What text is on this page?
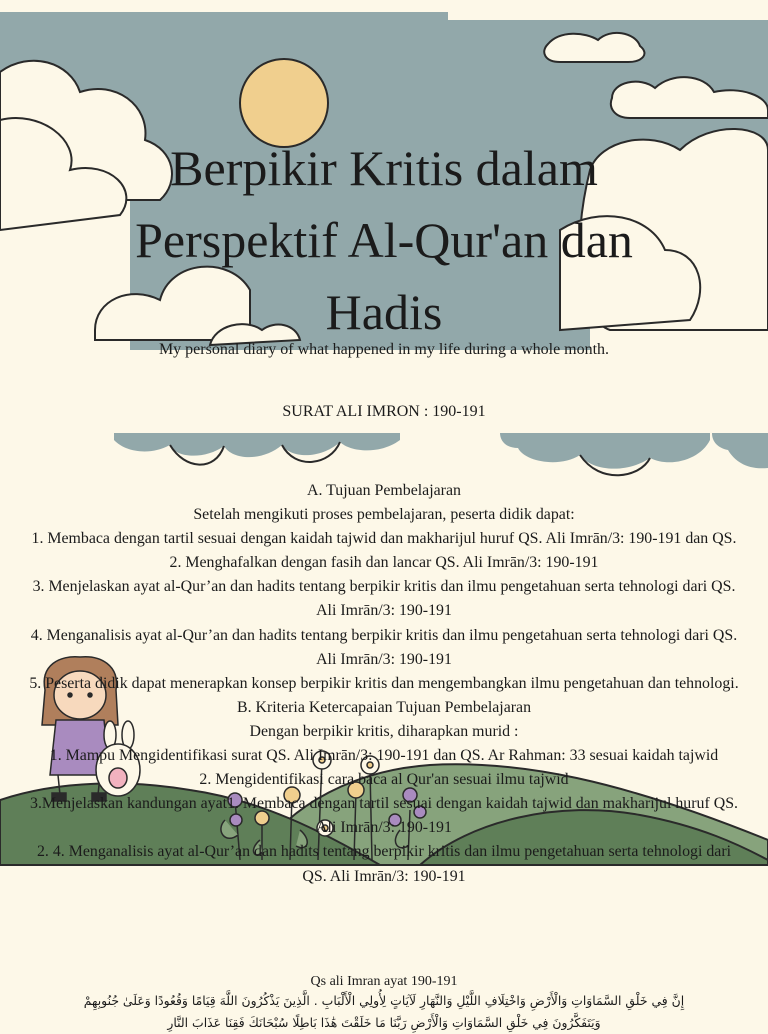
Berpikir Kritis dalam
Perspektif Al-Qur'an dan
Hadis
My personal diary of what happened in my life during a whole month.
SURAT ALI IMRON : 190-191
A. Tujuan Pembelajaran
Setelah mengikuti proses pembelajaran, peserta didik dapat:
1. Membaca dengan tartil sesuai dengan kaidah tajwid dan makharijul huruf QS. Ali Imrān/3: 190-191 dan QS.
2. Menghafalkan dengan fasih dan lancar QS. Ali Imrān/3: 190-191
3. Menjelaskan ayat al-Qur’an dan hadits tentang berpikir kritis dan ilmu pengetahuan serta tehnologi dari QS.
Ali Imrān/3: 190-191
4. Menganalisis ayat al-Qur’an dan hadits tentang berpikir kritis dan ilmu pengetahuan serta tehnologi dari QS.
Ali Imrān/3: 190-191
5. Peserta didik dapat menerapkan konsep berpikir kritis dan mengembangkan ilmu pengetahuan dan tehnologi.
B. Kriteria Ketercapaian Tujuan Pembelajaran
Dengan berpikir kritis, diharapkan murid :
1. Mampu Mengidentifikasi surat QS. Ali Imrān/3: 190-191 dan QS. Ar Rahman: 33 sesuai kaidah tajwid
2. Mengidentifikasi cara baca al Qur'an sesuai ilmu tajwid
3.Menjelaskan kandungan ayat1. Membaca dengan tartil sesuai dengan kaidah tajwid dan makharijul huruf QS.
Ali Imrān/3: 190-191
2. 4. Menganalisis ayat al-Qur’an dan hadits tentang berpikir kritis dan ilmu pengetahuan serta tehnologi dari
QS. Ali Imrān/3: 190-191
Qs ali Imran ayat 190-191
إِنَّ فِي خَلْقِ السَّمَاوَاتِ وَالْأَرْضِ وَاخْتِلَافِ اللَّيْلِ وَالنَّهَارِ لَآيَاتٍ لِأُولِي الْأَلْبَابِ . الَّذِينَ يَذْكُرُونَ اللَّهَ قِيَامًا وَقُعُودًا وَعَلَىٰ جُنُوبِهِمْ
وَيَتَفَكَّرُونَ فِي خَلْقِ السَّمَاوَاتِ وَالْأَرْضِ رَبَّنَا مَا خَلَقْتَ هَٰذَا بَاطِلًا سُبْحَانَكَ فَقِنَا عَذَابَ النَّارِ
